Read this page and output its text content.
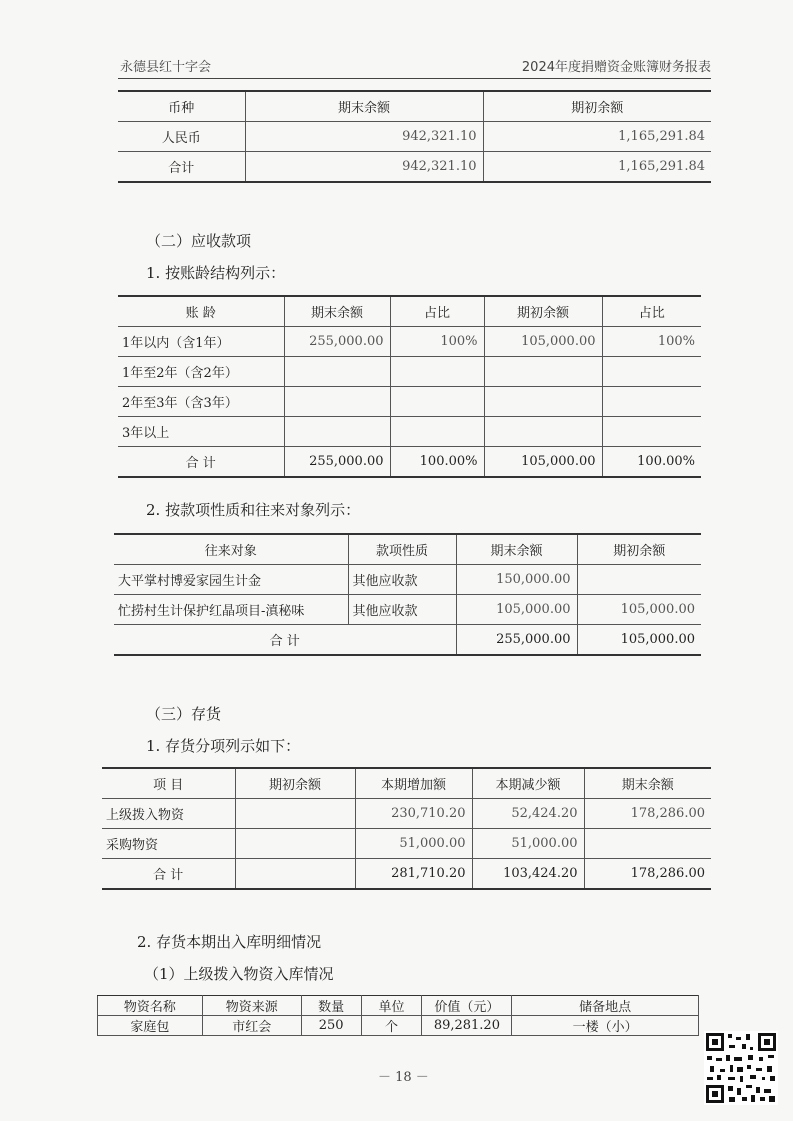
永德县红十字会	2024年度捐赠资金账簿财务报表
币种	期末余额	期初余额
人民币	942,321.10	1,165,291.84
合计	942,321.10	1,165,291.84
（二）应收款项
1. 按账龄结构列示：
账 龄	期末余额	占比	期初余额	占比
1年以内（含1年）	255,000.00	100%	105,000.00	100%
1年至2年（含2年）				
2年至3年（含3年）				
3年以上				
合 计	255,000.00	100.00%	105,000.00	100.00%
2. 按款项性质和往来对象列示：
往来对象	款项性质	期末余额	期初余额
大平掌村博爱家园生计金	其他应收款	150,000.00	
忙捞村生计保护红晶项目-滇秘味	其他应收款	105,000.00	105,000.00
合 计		255,000.00	105,000.00
（三）存货
1. 存货分项列示如下：
项 目	期初余额	本期增加额	本期减少额	期末余额
上级拨入物资		230,710.20	52,424.20	178,286.00
采购物资		51,000.00	51,000.00	
合 计		281,710.20	103,424.20	178,286.00
2. 存货本期出入库明细情况
（1）上级拨入物资入库情况
物资名称	物资来源	数量	单位	价值（元）	储备地点
家庭包	市红会	250	个	89,281.20	一楼（小）
－ 18 －
